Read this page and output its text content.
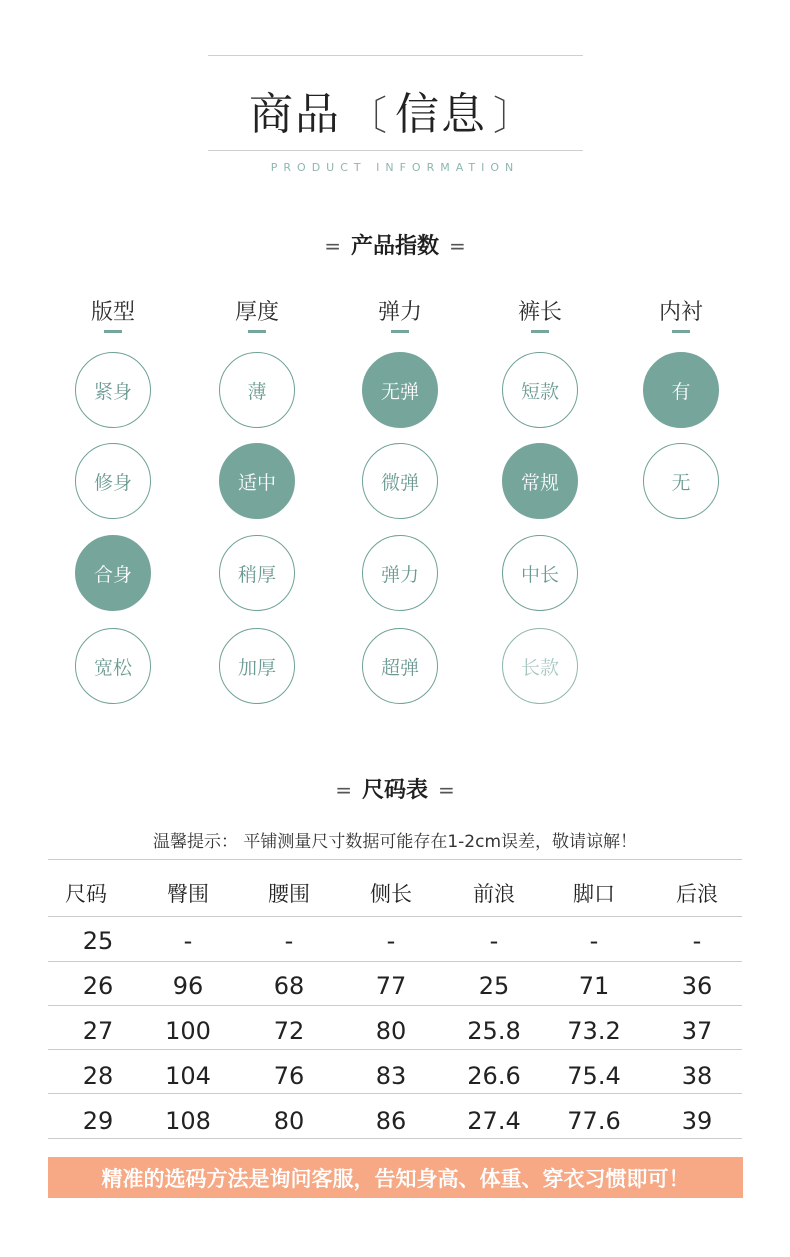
商品 〔 信息 〕
PRODUCT INFORMATION
= 产品指数 =
版型
紧身
修身
合身
宽松
厚度
薄
适中
稍厚
加厚
弹力
无弹
微弹
弹力
超弹
裤长
短款
常规
中长
长款
内衬
有
无
= 尺码表 =
温馨提示： 平铺测量尺寸数据可能存在1-2cm误差，敬请谅解！
尺码	臀围	腰围	侧长	前浪	脚口	后浪
25	-	-	-	-	-	-
26	96	68	77	25	71	36
27	100	72	80	25.8	73.2	37
28	104	76	83	26.6	75.4	38
29	108	80	86	27.4	77.6	39
精准的选码方法是询问客服，告知身高、体重、穿衣习惯即可！
